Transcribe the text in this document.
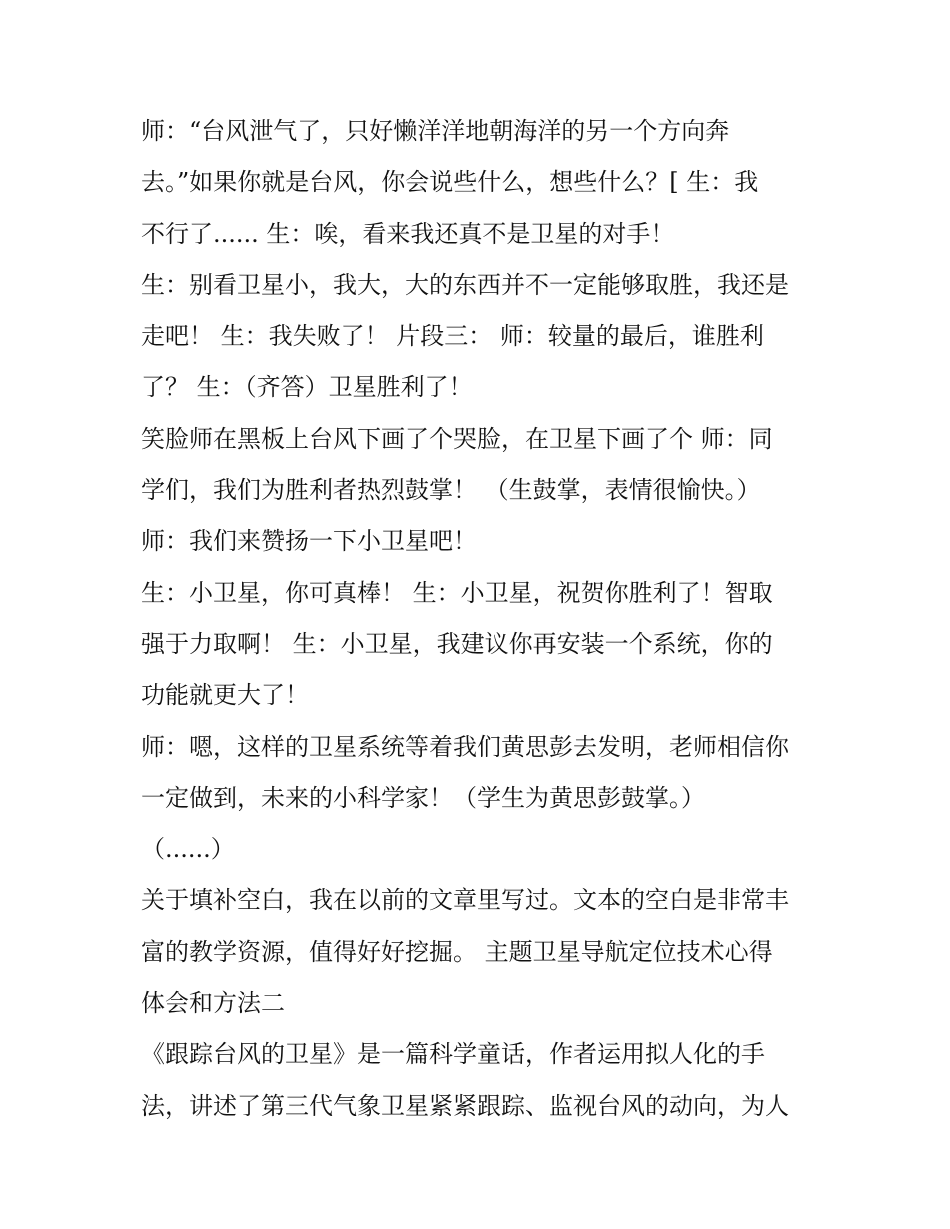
师：“台风泄气了，只好懒洋洋地朝海洋的另一个方向奔
去。”如果你就是台风，你会说些什么，想些什么？[ 生：我
不行了...... 生：唉，看来我还真不是卫星的对手！
生：别看卫星小，我大，大的东西并不一定能够取胜，我还是
走吧！ 生：我失败了！ 片段三： 师：较量的最后，谁胜利
了？ 生：（齐答）卫星胜利了！
笑脸师在黑板上台风下画了个哭脸，在卫星下画了个 师：同
学们，我们为胜利者热烈鼓掌！ （生鼓掌，表情很愉快。）
师：我们来赞扬一下小卫星吧！
生：小卫星，你可真棒！ 生：小卫星，祝贺你胜利了！智取
强于力取啊！ 生：小卫星，我建议你再安装一个系统，你的
功能就更大了！
师：嗯，这样的卫星系统等着我们黄思彭去发明，老师相信你
一定做到，未来的小科学家！（学生为黄思彭鼓掌。）
（......）
关于填补空白，我在以前的文章里写过。文本的空白是非常丰
富的教学资源，值得好好挖掘。 主题卫星导航定位技术心得
体会和方法二
《跟踪台风的卫星》是一篇科学童话，作者运用拟人化的手
法，讲述了第三代气象卫星紧紧跟踪、监视台风的动向，为人
